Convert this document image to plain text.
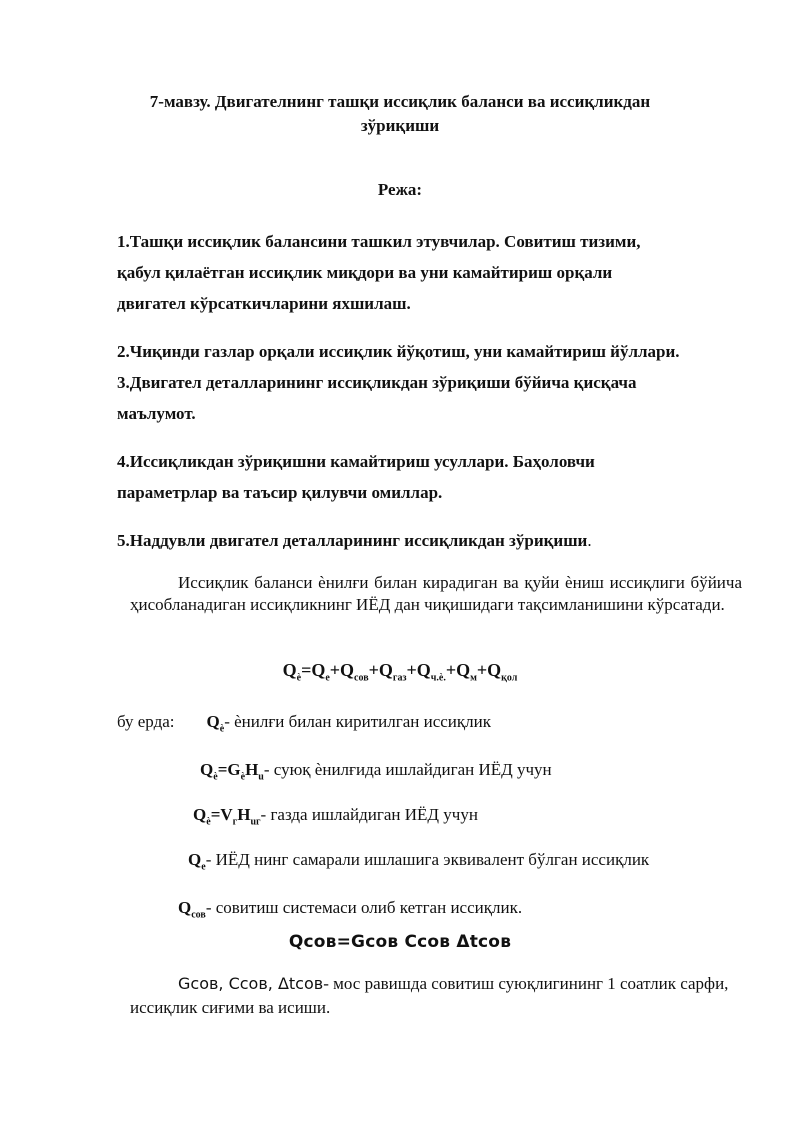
7-мавзу. Двигателнинг ташқи иссиқлик баланси ва иссиқликдан
зўриқиши

Режа:

1.Ташқи иссиқлик балансини ташкил этувчилар. Совитиш тизими,

қабул қилаётган иссиқлик миқдори ва уни камайтириш орқали

двигател кўрсаткичларини яхшилаш.

2.Чиқинди газлар орқали иссиқлик йўқотиш, уни камайтириш йўллари.

3.Двигател деталларининг иссиқликдан зўриқиши бўйича қисқача

маълумот.

4.Иссиқликдан зўриқишни камайтириш усуллари. Баҳоловчи

параметрлар ва таъсир қилувчи омиллар.

5.Наддувли двигател деталларининг иссиқликдан зўриқиши.

Иссиқлик баланси ѐнилғи билан кирадиган ва қуйи ѐниш иссиқлиги бўйича ҳисобланадиган иссиқликнинг ИЁД дан чиқишидаги тақсимланишини кўрсатади.

$Q_ѐ=Q_e+Q_{сов}+Q_{газ}+Q_{ч.ѐ.}+Q_м+Q_{қол}$

бу ерда: $Q_ѐ-$ ѐнилғи билан киритилган иссиқлик

$Q_ѐ=G_ѐH_u-$ суюқ ѐнилғида ишлайдиган ИЁД учун

$Q_ѐ=V_гH_{uг}-$ газда ишлайдиган ИЁД учун

$Q_e-$ ИЁД нинг самарали ишлашига эквивалент бўлган иссиқлик

$Q_{сов}-$ совитиш системаси олиб кетган иссиқлик.

Qсов=Gсов Cсов Δtсов

Gсов, Cсов, Δtсов- мос равишда совитиш суюқлигининг 1 соатлик сарфи, иссиқлик сиғими ва исиши.
